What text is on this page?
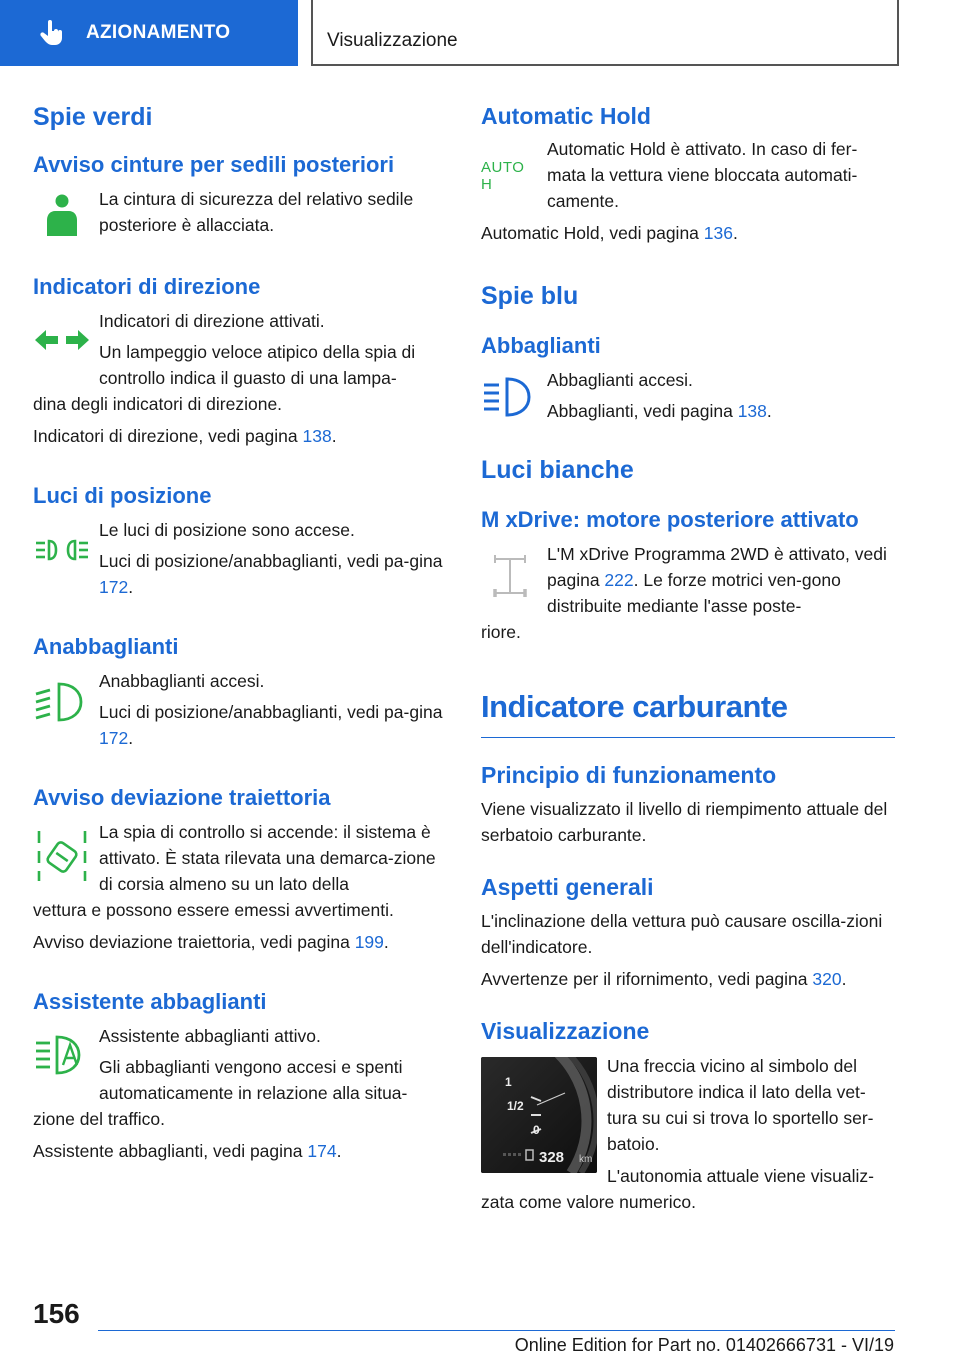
AZIONAMENTO	Visualizzazione
Spie verdi
Avviso cinture per sedili posteriori

La cintura di sicurezza del relativo sedile posteriore è allacciata.

Indicatori di direzione

Indicatori di direzione attivati.

Un lampeggio veloce atipico della spia di controllo indica il guasto di una lampa-

dina degli indicatori di direzione.

Indicatori di direzione, vedi pagina 138.

Luci di posizione

Le luci di posizione sono accese.

Luci di posizione/anabbaglianti, vedi pa-gina 172.

Anabbaglianti

Anabbaglianti accesi.

Luci di posizione/anabbaglianti, vedi pa-gina 172.

Avviso deviazione traiettoria

La spia di controllo si accende: il sistema è attivato. È stata rilevata una demarca-zione di corsia almeno su un lato della

vettura e possono essere emessi avvertimenti.

Avviso deviazione traiettoria, vedi pagina 199.

Assistente abbaglianti

Assistente abbaglianti attivo.

Gli abbaglianti vengono accesi e spenti automaticamente in relazione alla situa-

zione del traffico.

Assistente abbaglianti, vedi pagina 174.

Automatic Hold
AUTO H

Automatic Hold è attivato. In caso di fer-mata la vettura viene bloccata automati-camente.

Automatic Hold, vedi pagina 136.

Spie blu
Abbaglianti

Abbaglianti accesi.

Abbaglianti, vedi pagina 138.

Luci bianche
M xDrive: motore posteriore attivato

L'M xDrive Programma 2WD è attivato, vedi pagina 222. Le forze motrici ven-gono distribuite mediante l'asse poste-

riore.

Indicatore carburante
Principio di funzionamento

Viene visualizzato il livello di riempimento attuale del serbatoio carburante.

Aspetti generali

L'inclinazione della vettura può causare oscilla-zioni dell'indicatore.

Avvertenze per il rifornimento, vedi pagina 320.

Visualizzazione
1
1/2
0
328 km

Una freccia vicino al simbolo del distributore indica il lato della vet-tura su cui si trova lo sportello ser-batoio.

L'autonomia attuale viene visualiz-

zata come valore numerico.

156
Online Edition for Part no. 01402666731 - VI/19
